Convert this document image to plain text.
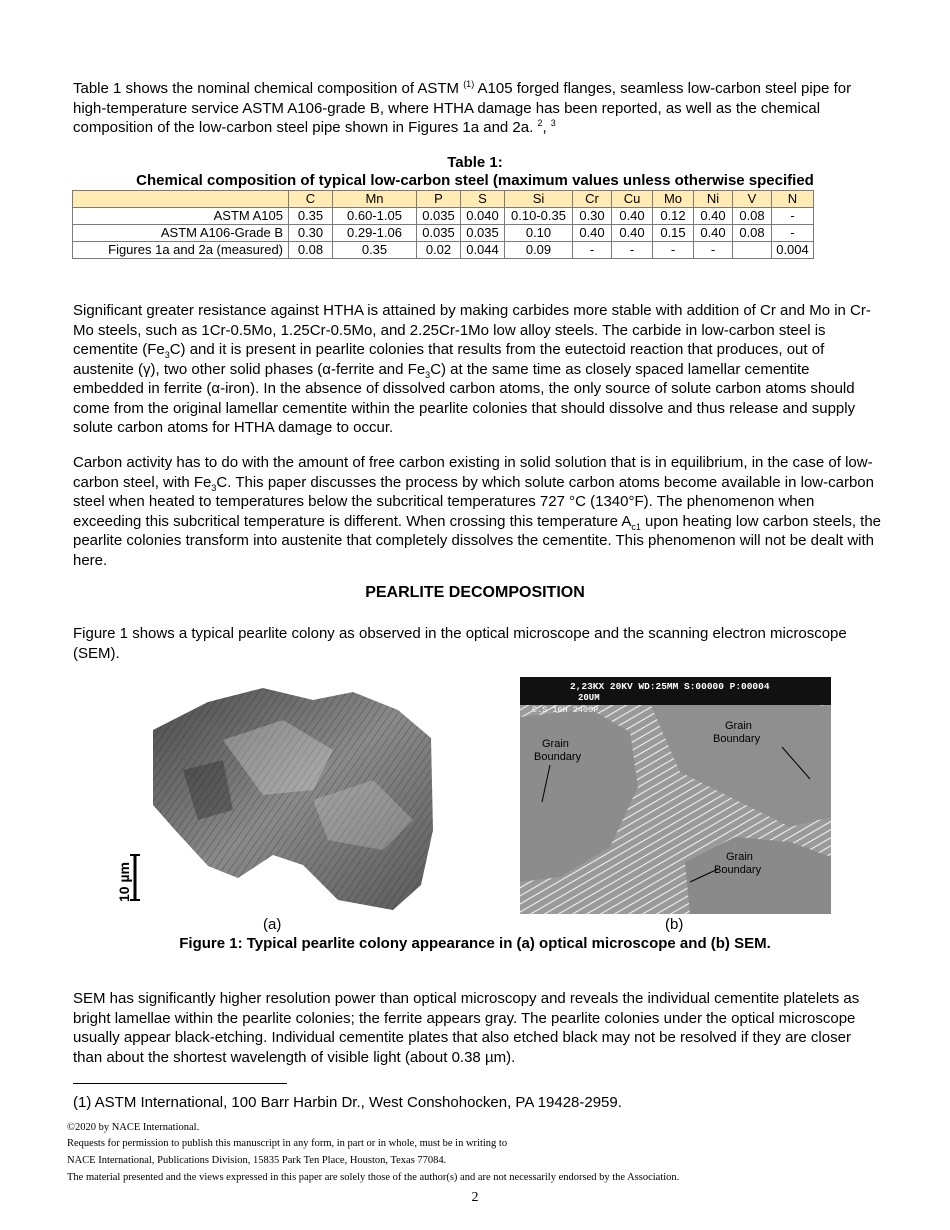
Table 1 shows the nominal chemical composition of ASTM $^{(1)}$ A105 forged flanges, seamless low-carbon steel pipe for high-temperature service ASTM A106-grade B, where HTHA damage has been reported, as well as the chemical composition of the low-carbon steel pipe shown in Figures 1a and 2a. $^2$, $^3$

Table 1:
Chemical composition of typical low-carbon steel (maximum values unless otherwise specified
	C	Mn	P	S	Si	Cr	Cu	Mo	Ni	V	N
ASTM A105	0.35	0.60-1.05	0.035	0.040	0.10-0.35	0.30	0.40	0.12	0.40	0.08	-
ASTM A106-Grade B	0.30	0.29-1.06	0.035	0.035	0.10	0.40	0.40	0.15	0.40	0.08	-
Figures 1a and 2a (measured)	0.08	0.35	0.02	0.044	0.09	-	-	-	-		0.004

Significant greater resistance against HTHA is attained by making carbides more stable with addition of Cr and Mo in Cr-Mo steels, such as 1Cr-0.5Mo, 1.25Cr-0.5Mo, and 2.25Cr-1Mo low alloy steels. The carbide in low-carbon steel is cementite $(Fe_3C)$ and it is present in pearlite colonies that results from the eutectoid reaction that produces, out of austenite (γ), two other solid phases (α-ferrite and $Fe_3C$) at the same time as closely spaced lamellar cementite embedded in ferrite (α-iron). In the absence of dissolved carbon atoms, the only source of solute carbon atoms should come from the original lamellar cementite within the pearlite colonies that should dissolve and thus release and supply solute carbon atoms for HTHA damage to occur.

Carbon activity has to do with the amount of free carbon existing in solid solution that is in equilibrium, in the case of low-carbon steel, with $Fe_3C$. This paper discusses the process by which solute carbon atoms become available in low-carbon steel when heated to temperatures below the subcritical temperatures 727 °C (1340°F). The phenomenon when exceeding this subcritical temperature is different. When crossing this temperature $A_{c1}$ upon heating low carbon steels, the pearlite colonies transform into austenite that completely dissolves the cementite. This phenomenon will not be dealt with here.

PEARLITE DECOMPOSITION

Figure 1 shows a typical pearlite colony as observed in the optical microscope and the scanning electron microscope (SEM).

10 µm
2,23KX 20KV WD:25MM S:00000 P:00004
20UM
C.S 16H 2400P
Grain
Boundary
Grain
Boundary
Grain
Boundary
(a)	(b)
Figure 1: Typical pearlite colony appearance in (a) optical microscope and (b) SEM.

SEM has significantly higher resolution power than optical microscopy and reveals the individual cementite platelets as bright lamellae within the pearlite colonies; the ferrite appears gray. The pearlite colonies under the optical microscope usually appear black-etching. Individual cementite plates that also etched black may not be resolved if they are closer than about the shortest wavelength of visible light (about 0.38 µm).

(1) ASTM International, 100 Barr Harbin Dr., West Conshohocken, PA 19428-2959.
©2020 by NACE International.
Requests for permission to publish this manuscript in any form, in part or in whole, must be in writing to
NACE International, Publications Division, 15835 Park Ten Place, Houston, Texas 77084.
The material presented and the views expressed in this paper are solely those of the author(s) and are not necessarily endorsed by the Association.
2
